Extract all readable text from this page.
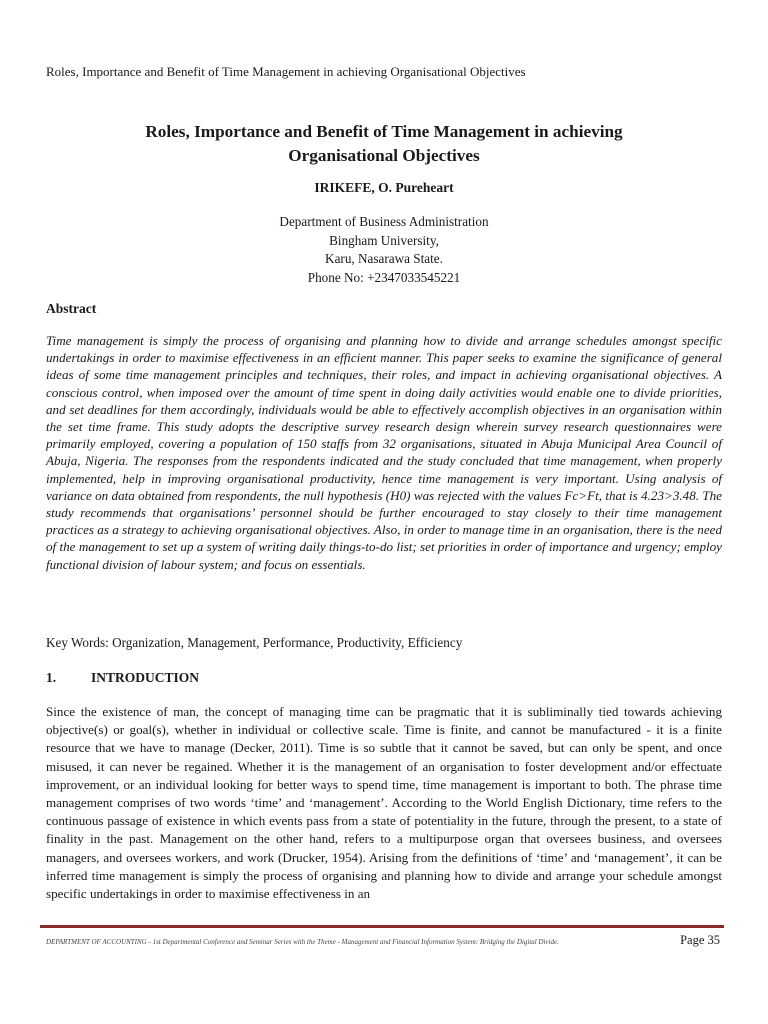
Roles, Importance and Benefit of Time Management in achieving Organisational Objectives
Roles, Importance and Benefit of Time Management in achieving
Organisational Objectives
IRIKEFE, O. Pureheart
Department of Business Administration
Bingham University,
Karu, Nasarawa State.
Phone No: +2347033545221
Abstract

Time management is simply the process of organising and planning how to divide and arrange schedules amongst specific undertakings in order to maximise effectiveness in an efficient manner. This paper seeks to examine the significance of general ideas of some time management principles and techniques, their roles, and impact in achieving organisational objectives. A conscious control, when imposed over the amount of time spent in doing daily activities would enable one to divide priorities, and set deadlines for them accordingly, individuals would be able to effectively accomplish objectives in an organisation within the set time frame. This study adopts the descriptive survey research design wherein survey research questionnaires were primarily employed, covering a population of 150 staffs from 32 organisations, situated in Abuja Municipal Area Council of Abuja, Nigeria. The responses from the respondents indicated and the study concluded that time management, when properly implemented, help in improving organisational productivity, hence time management is very important. Using analysis of variance on data obtained from respondents, the null hypothesis (H0) was rejected with the values Fc>Ft, that is 4.23>3.48. The study recommends that organisations’ personnel should be further encouraged to stay closely to their time management practices as a strategy to achieving organisational objectives. Also, in order to manage time in an organisation, there is the need of the management to set up a system of writing daily things-to-do list; set priorities in order of importance and urgency; employ functional division of labour system; and focus on essentials.

Key Words: Organization, Management, Performance, Productivity, Efficiency
1.	INTRODUCTION

Since the existence of man, the concept of managing time can be pragmatic that it is subliminally tied towards achieving objective(s) or goal(s), whether in individual or collective scale. Time is finite, and cannot be manufactured - it is a finite resource that we have to manage (Decker, 2011). Time is so subtle that it cannot be saved, but can only be spent, and once misused, it can never be regained. Whether it is the management of an organisation to foster development and/or effectuate improvement, or an individual looking for better ways to spend time, time management is important to both. The phrase time management comprises of two words ‘time’ and ‘management’. According to the World English Dictionary, time refers to the continuous passage of existence in which events pass from a state of potentiality in the future, through the present, to a state of finality in the past. Management on the other hand, refers to a multipurpose organ that oversees business, and oversees managers, and oversees workers, and work (Drucker, 1954). Arising from the definitions of ‘time’ and ‘management’, it can be inferred time management is simply the process of organising and planning how to divide and arrange your schedule amongst specific undertakings in order to maximise effectiveness in an

DEPARTMENT OF ACCOUNTING - 1st Departmental Conference and Seminar Series with the Theme - Management and Financial Information System: Bridging the Digital Divide.	Page 35
